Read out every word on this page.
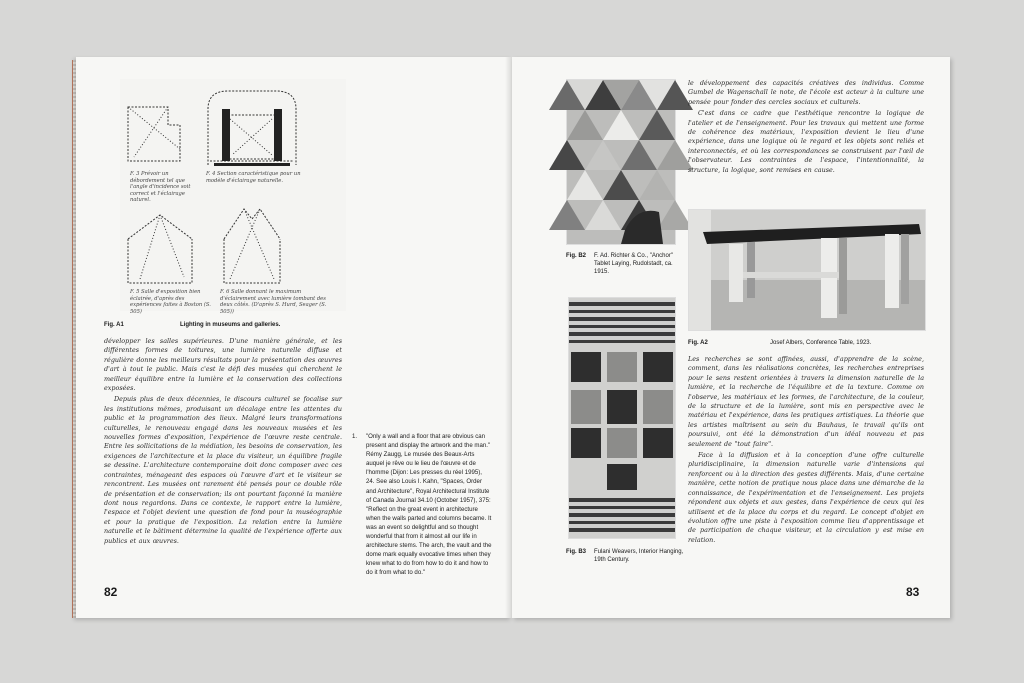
F. 3 Prévoir un débordement tel que l'angle d'incidence soit correct et l'éclairage naturel.
F. 4 Section caractéristique pour un modèle d'éclairage naturelle.
F. 5 Salle d'exposition bien éclairée, d'après des expériences faites à Boston (S. 505)
F. 6 Salle donnant le maximum d'éclairement avec lumière tombant des deux côtés. (D'après S. Hurd, Seager (S. 505))
Fig. A1	Lighting in museums and galleries.

développer les salles supérieures. D'une manière générale, et les différentes formes de toitures, une lumière naturelle diffuse et régulière donne les meilleurs résultats pour la présentation des œuvres d'art à tout le public. Mais c'est le défi des musées qui cherchent le meilleur équilibre entre la lumière et la conservation des collections exposées.

Depuis plus de deux décennies, le discours culturel se focalise sur les institutions mêmes, produisant un décalage entre les attentes du public et la programmation des lieux. Malgré leurs transformations culturelles, le renouveau engagé dans les nouveaux musées et les nouvelles formes d'exposition, l'expérience de l'œuvre reste centrale. Entre les sollicitations de la médiation, les besoins de conservation, les exigences de l'architecture et la place du visiteur, un équilibre fragile se dessine. L'architecture contemporaine doit donc composer avec ces contraintes, ménageant des espaces où l'œuvre d'art et le visiteur se rencontrent. Les musées ont rarement été pensés pour ce double rôle de présentation et de conservation; ils ont pourtant façonné la manière dont nous regardons. Dans ce contexte, le rapport entre la lumière, l'espace et l'objet devient une question de fond pour la muséographie et pour la pratique de l'exposition. La relation entre la lumière naturelle et le bâtiment détermine la qualité de l'expérience offerte aux publics et aux œuvres.

1. "Only a wall and a floor that are obvious can present and display the artwork and the man." Rémy Zaugg, Le musée des Beaux-Arts auquel je rêve ou le lieu de l'œuvre et de l'homme (Dijon: Les presses du réel 1995), 24. See also Louis I. Kahn, "Spaces, Order and Architecture", Royal Architectural Institute of Canada Journal 34.10 (October 1957), 375: "Reflect on the great event in architecture when the walls parted and columns became. It was an event so delightful and so thought wonderful that from it almost all our life in architecture stems. The arch, the vault and the dome mark equally evocative times when they knew what to do from how to do it and how to do it from what to do."
82
Fig. B2 F. Ad. Richter & Co., "Anchor" Tablet Laying, Rudolstadt, ca. 1915.
Fig. B3 Fulani Weavers, Interior Hanging, 19th Century.

le développement des capacités créatives des individus. Comme Gumbel de Wagenschall le note, de l'école est acteur à la culture une pensée pour fonder des cercles sociaux et culturels.

C'est dans ce cadre que l'esthétique rencontre la logique de l'atelier et de l'enseignement. Pour les travaux qui mettent une forme de cohérence des matériaux, l'exposition devient le lieu d'une expérience, dans une logique où le regard et les objets sont reliés et interconnectés, et où les correspondances se construisent par l'œil de l'observateur. Les contraintes de l'espace, l'intentionnalité, la structure, la logique, sont remises en cause.

Fig. A2	Josef Albers, Conference Table, 1923.

Les recherches se sont affinées, aussi, d'apprendre de la scène, comment, dans les réalisations concrètes, les recherches entreprises pour le sens restent orientées à travers la dimension naturelle de la lumière, et la recherche de l'équilibre et de la texture. Comme on l'observe, les matériaux et les formes, de l'architecture, de la couleur, de la structure et de la lumière, sont mis en perspective avec le matériau et l'expérience, dans les pratiques artistiques. La théorie que les artistes maîtrisent au sein du Bauhaus, le travail qu'ils ont poursuivi, ont été la démonstration d'un idéal nouveau et pas seulement de "tout faire".

Face à la diffusion et à la conception d'une offre culturelle pluridisciplinaire, la dimension naturelle varie d'intensions qui renforcent ou à la direction des gestes différents. Mais, d'une certaine manière, cette notion de pratique nous place dans une démarche de la connaissance, de l'expérimentation et de l'enseignement. Les projets répondent aux objets et aux gestes, dans l'expérience de ceux qui les utilisent et de la place du corps et du regard. Le concept d'objet en évolution offre une piste à l'exposition comme lieu d'apprentissage et de participation de chaque visiteur, et la circulation y est mise en relation.

83
